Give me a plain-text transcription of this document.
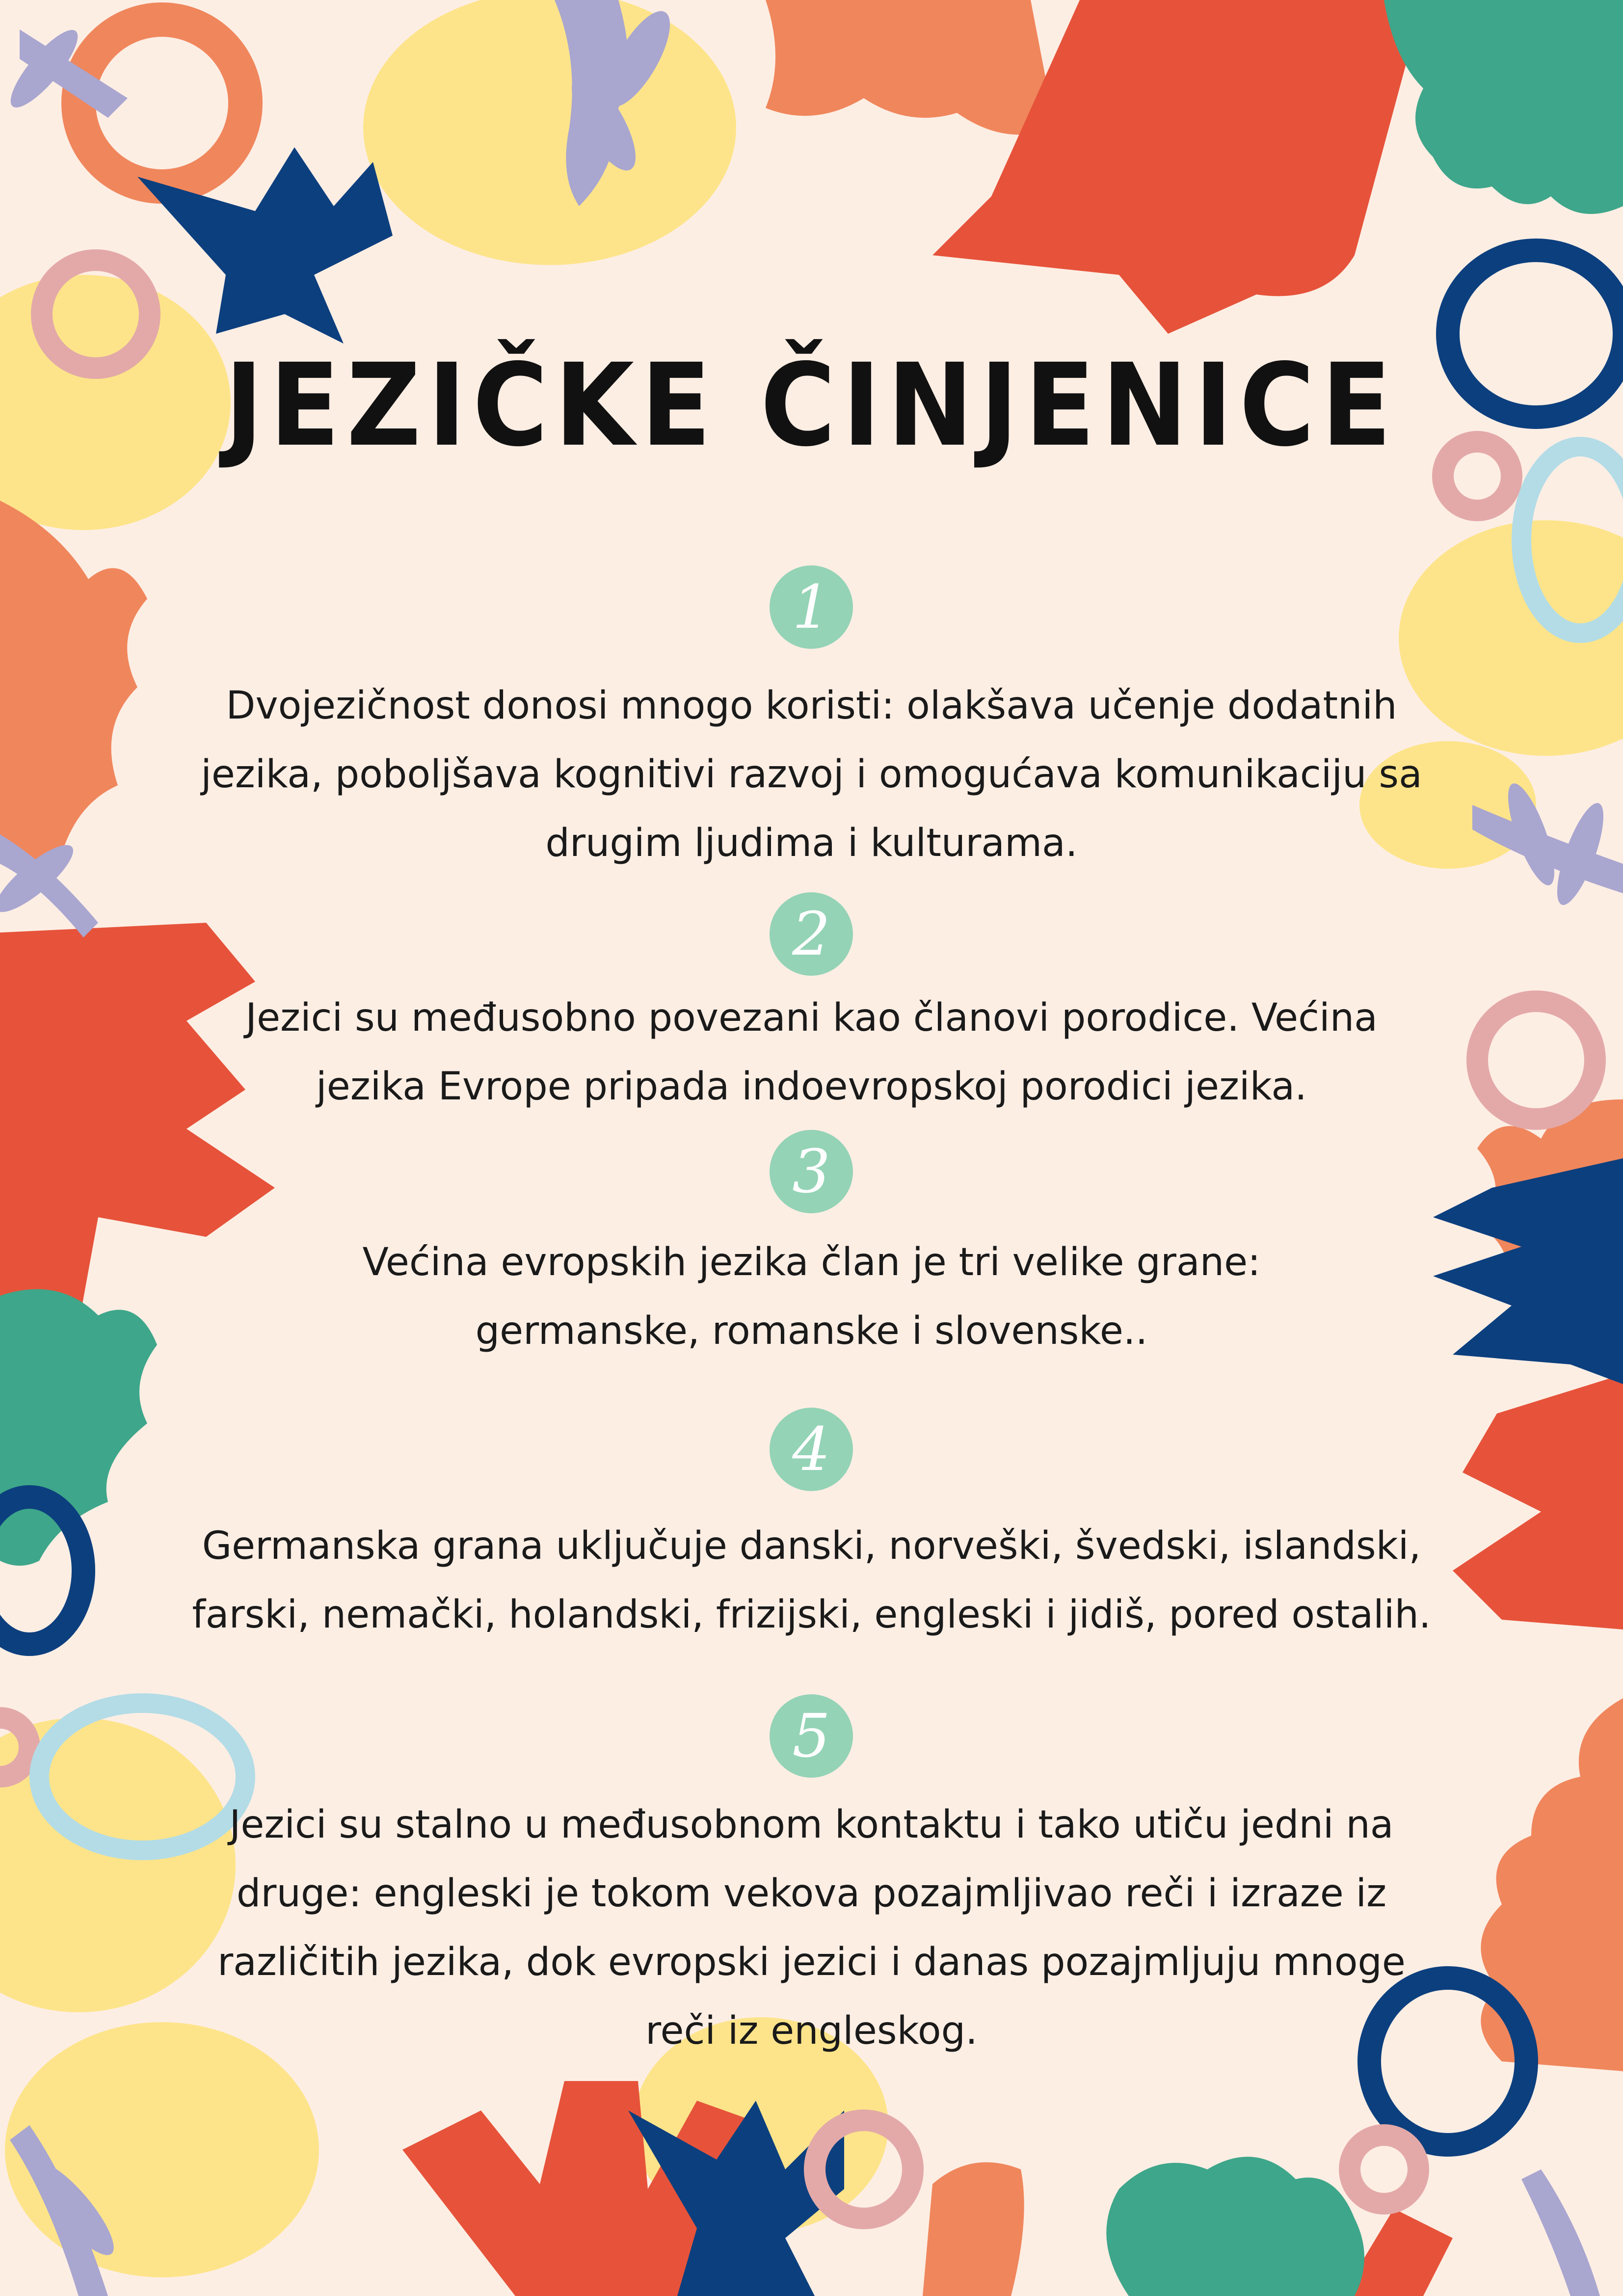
JEZIČKE ČINJENICE
1
Dvojezičnost donosi mnogo koristi: olakšava učenje dodatnih
jezika, poboljšava kognitivi razvoj i omogućava komunikaciju sa
drugim ljudima i kulturama.
2
Jezici su međusobno povezani kao članovi porodice. Većina
jezika Evrope pripada indoevropskoj porodici jezika.
3
Većina evropskih jezika član je tri velike grane:
germanske, romanske i slovenske..
4
Germanska grana uključuje danski, norveški, švedski, islandski,
farski, nemački, holandski, frizijski, engleski i jidiš, pored ostalih.
5
Jezici su stalno u međusobnom kontaktu i tako utiču jedni na
druge: engleski je tokom vekova pozajmljivao reči i izraze iz
različitih jezika, dok evropski jezici i danas pozajmljuju mnoge
reči iz engleskog.
